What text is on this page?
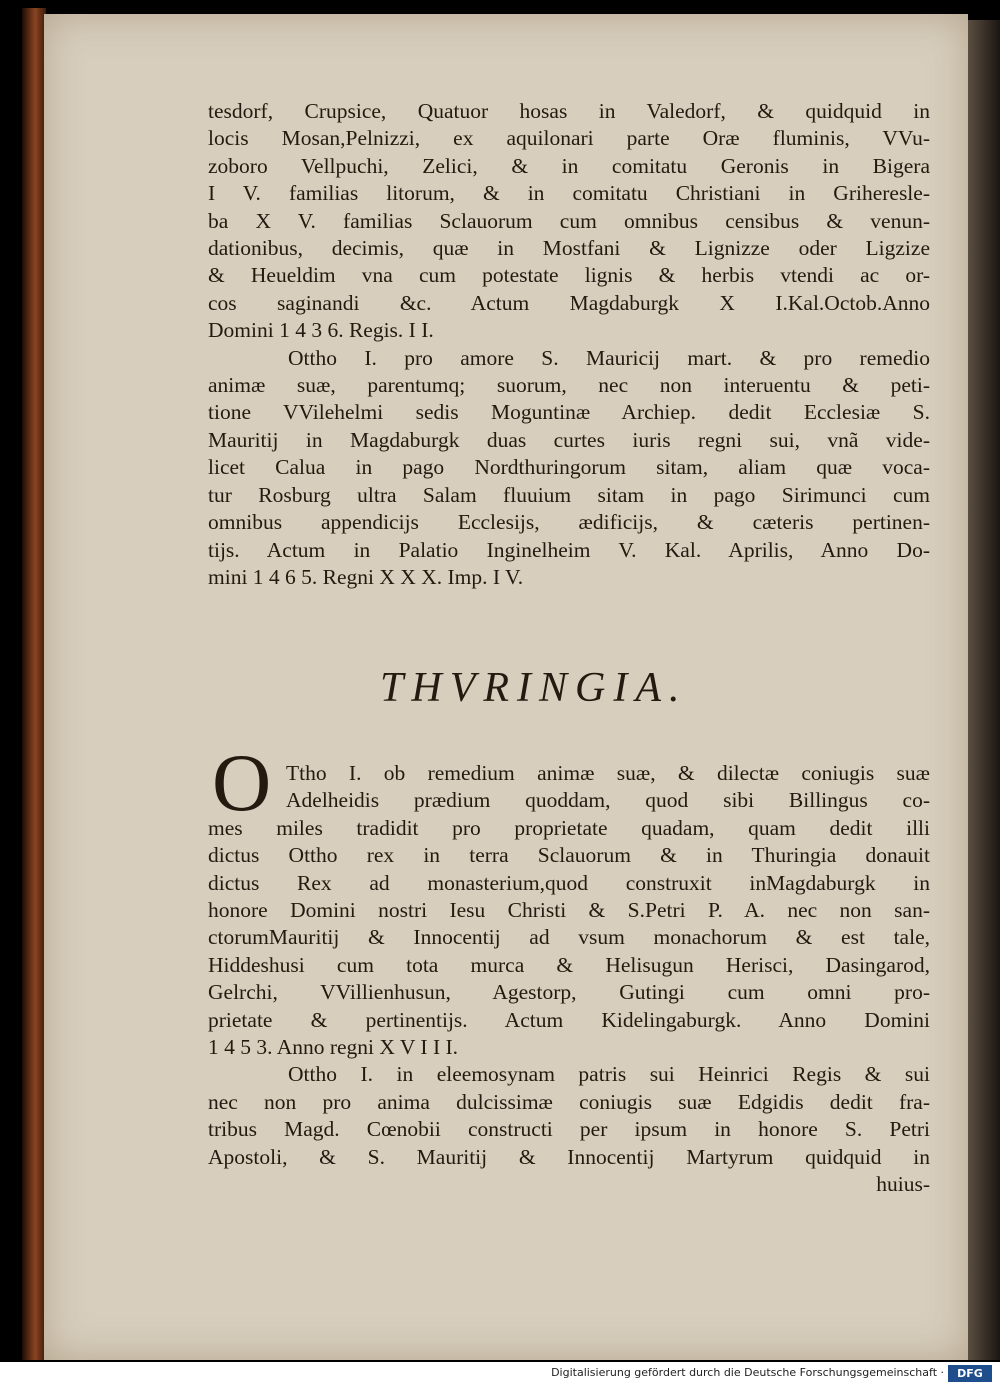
tesdorf, Crupsice, Quatuor hosas in Valedorf, & quidquid in
locis Mosan,Pelnizzi, ex aquilonari parte Oræ fluminis, VVu-
zoboro Vellpuchi, Zelici, & in comitatu Geronis in Bigera
I V. familias litorum, & in comitatu Christiani in Griheresle-
ba X V. familias Sclauorum cum omnibus censibus & venun-
dationibus, decimis, quæ in Mostfani & Lignizze oder Ligzize
& Heueldim vna cum potestate lignis & herbis vtendi ac or-
cos saginandi &c. Actum Magdaburgk X I.Kal.Octob.Anno
Domini 1 4 3 6. Regis. I I.
Ottho I. pro amore S. Mauricij mart. & pro remedio
animæ suæ, parentumq; suorum, nec non interuentu & peti-
tione VVilehelmi sedis Moguntinæ Archiep. dedit Ecclesiæ S.
Mauritij in Magdaburgk duas curtes iuris regni sui, vnã vide-
licet Calua in pago Nordthuringorum sitam, aliam quæ voca-
tur Rosburg ultra Salam fluuium sitam in pago Sirimunci cum
omnibus appendicijs Ecclesijs, ædificijs, & cæteris pertinen-
tijs. Actum in Palatio Inginelheim V. Kal. Aprilis, Anno Do-
mini 1 4 6 5. Regni X X X. Imp. I V.
THVRINGIA.
O Ttho I. ob remedium animæ suæ, & dilectæ coniugis suæ
Adelheidis prædium quoddam, quod sibi Billingus co-
mes miles tradidit pro proprietate quadam, quam dedit illi
dictus Ottho rex in terra Sclauorum & in Thuringia donauit
dictus Rex ad monasterium,quod construxit inMagdaburgk in
honore Domini nostri Iesu Christi & S.Petri P. A. nec non san-
ctorumMauritij & Innocentij ad vsum monachorum & est tale,
Hiddeshusi cum tota murca & Helisugun Herisci, Dasingarod,
Gelrchi, VVillienhusun, Agestorp, Gutingi cum omni pro-
prietate & pertinentijs. Actum Kidelingaburgk. Anno Domini
1 4 5 3. Anno regni X V I I I.
Ottho I. in eleemosynam patris sui Heinrici Regis & sui
nec non pro anima dulcissimæ coniugis suæ Edgidis dedit fra-
tribus Magd. Cœnobii constructi per ipsum in honore S. Petri
Apostoli, & S. Mauritij & Innocentij Martyrum quidquid in
huius-
Digitalisierung gefördert durch die Deutsche Forschungsgemeinschaft ·	DFG
